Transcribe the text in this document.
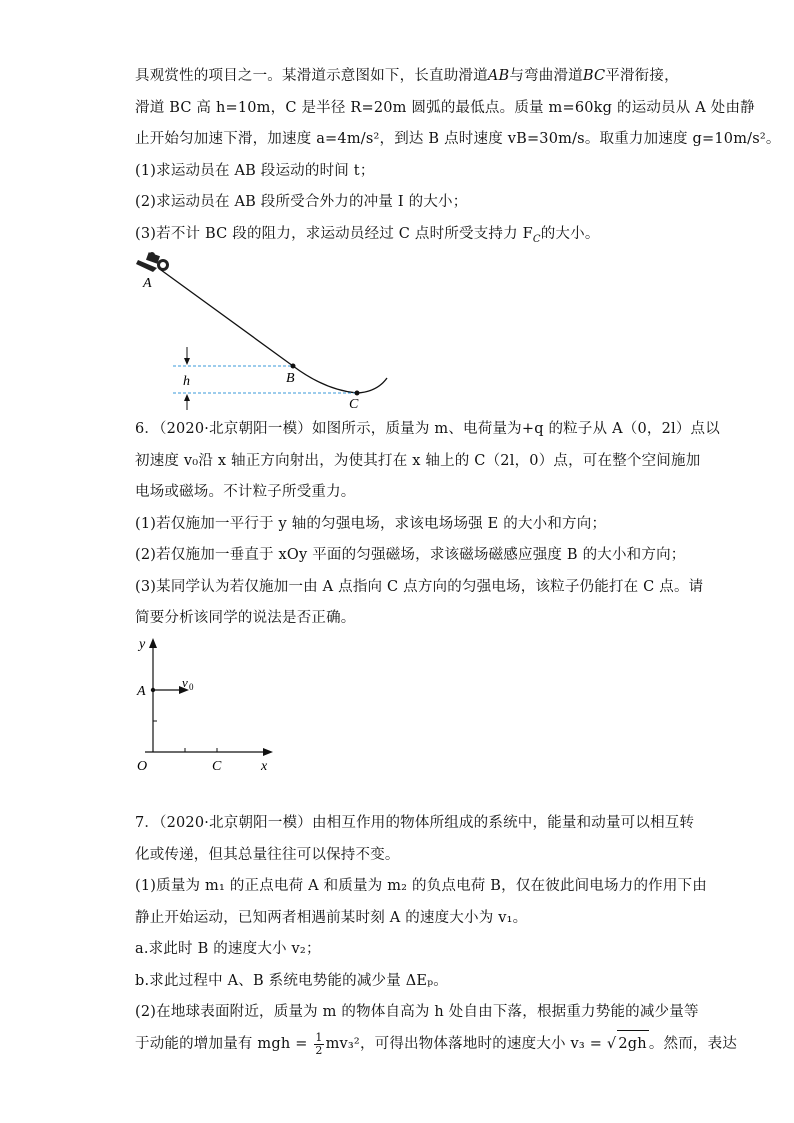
具观赏性的项目之一。某滑道示意图如下，长直助滑道AB与弯曲滑道BC平滑衔接，
滑道 BC 高 h=10m，C 是半径 R=20m 圆弧的最低点。质量 m=60kg 的运动员从 A 处由静
止开始匀加速下滑，加速度 a=4m/s²，到达 B 点时速度 vB=30m/s。取重力加速度 g=10m/s²。
(1)求运动员在 AB 段运动的时间 t；
(2)求运动员在 AB 段所受合外力的冲量 I 的大小；
(3)若不计 BC 段的阻力，求运动员经过 C 点时所受支持力 $F_C$的大小。
A
B
C
h
6．（2020·北京朝阳一模）如图所示，质量为 m、电荷量为+q 的粒子从 A（0，2l）点以
初速度 v₀沿 x 轴正方向射出，为使其打在 x 轴上的 C（2l，0）点，可在整个空间施加
电场或磁场。不计粒子所受重力。
(1)若仅施加一平行于 y 轴的匀强电场，求该电场场强 E 的大小和方向；
(2)若仅施加一垂直于 xOy 平面的匀强磁场，求该磁场磁感应强度 B 的大小和方向；
(3)某同学认为若仅施加一由 A 点指向 C 点方向的匀强电场，该粒子仍能打在 C 点。请
简要分析该同学的说法是否正确。
y
x
O
A
C
v 0
7．（2020·北京朝阳一模）由相互作用的物体所组成的系统中，能量和动量可以相互转
化或传递，但其总量往往可以保持不变。
(1)质量为 m₁ 的正点电荷 A 和质量为 m₂ 的负点电荷 B，仅在彼此间电场力的作用下由
静止开始运动，已知两者相遇前某时刻 A 的速度大小为 v₁。
a.求此时 B 的速度大小 v₂；
b.求此过程中 A、B 系统电势能的减少量 ΔEₚ。
(2)在地球表面附近，质量为 m 的物体自高为 h 处自由下落，根据重力势能的减少量等
于动能的增加量有 mgh = $\frac{1}{2} mv_3^2$，可得出物体落地时的速度大小 v₃ = √ 2gh 。然而，表达
